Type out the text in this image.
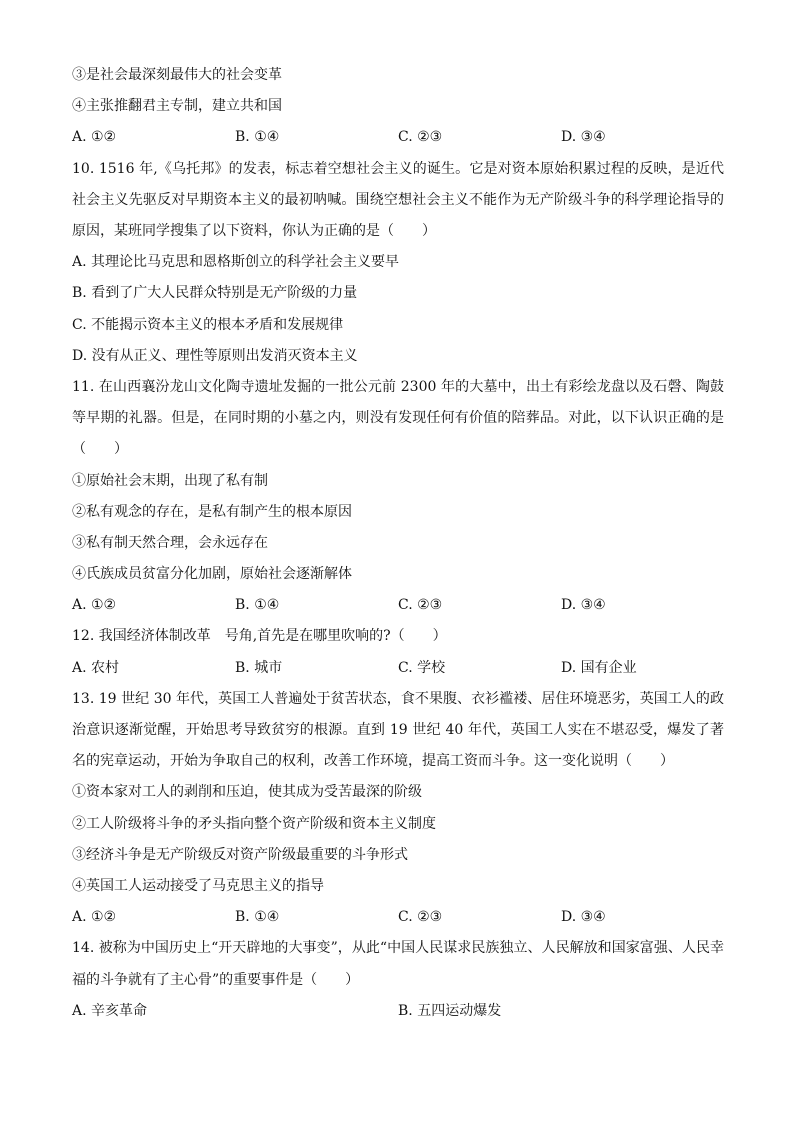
③是社会最深刻最伟大的社会变革
④主张推翻君主专制，建立共和国
A. ①②	B. ①④	C. ②③	D. ③④
10. 1516 年,《乌托邦》的发表，标志着空想社会主义的诞生。它是对资本原始积累过程的反映，是近代社会主义先驱反对早期资本主义的最初呐喊。围绕空想社会主义不能作为无产阶级斗争的科学理论指导的原因，某班同学搜集了以下资料，你认为正确的是（　　）
A. 其理论比马克思和恩格斯创立的科学社会主义要早
B. 看到了广大人民群众特别是无产阶级的力量
C. 不能揭示资本主义的根本矛盾和发展规律
D. 没有从正义、理性等原则出发消灭资本主义
11. 在山西襄汾龙山文化陶寺遗址发掘的一批公元前 2300 年的大墓中，出土有彩绘龙盘以及石磬、陶鼓等早期的礼器。但是，在同时期的小墓之内，则没有发现任何有价值的陪葬品。对此，以下认识正确的是（　　）
①原始社会末期，出现了私有制
②私有观念的存在，是私有制产生的根本原因
③私有制天然合理，会永远存在
④氏族成员贫富分化加剧，原始社会逐渐解体
A. ①②	B. ①④	C. ②③	D. ③④
12. 我国经济体制改革　号角,首先是在哪里吹响的?（　　）
A. 农村	B. 城市	C. 学校	D. 国有企业
13. 19 世纪 30 年代，英国工人普遍处于贫苦状态，食不果腹、衣衫褴褛、居住环境恶劣，英国工人的政治意识逐渐觉醒，开始思考导致贫穷的根源。直到 19 世纪 40 年代，英国工人实在不堪忍受，爆发了著名的宪章运动，开始为争取自己的权利，改善工作环境，提高工资而斗争。这一变化说明（　　）
①资本家对工人的剥削和压迫，使其成为受苦最深的阶级
②工人阶级将斗争的矛头指向整个资产阶级和资本主义制度
③经济斗争是无产阶级反对资产阶级最重要的斗争形式
④英国工人运动接受了马克思主义的指导
A. ①②	B. ①④	C. ②③	D. ③④
14. 被称为中国历史上“开天辟地的大事变”，从此“中国人民谋求民族独立、人民解放和国家富强、人民幸福的斗争就有了主心骨”的重要事件是（　　）
A. 辛亥革命	B. 五四运动爆发
